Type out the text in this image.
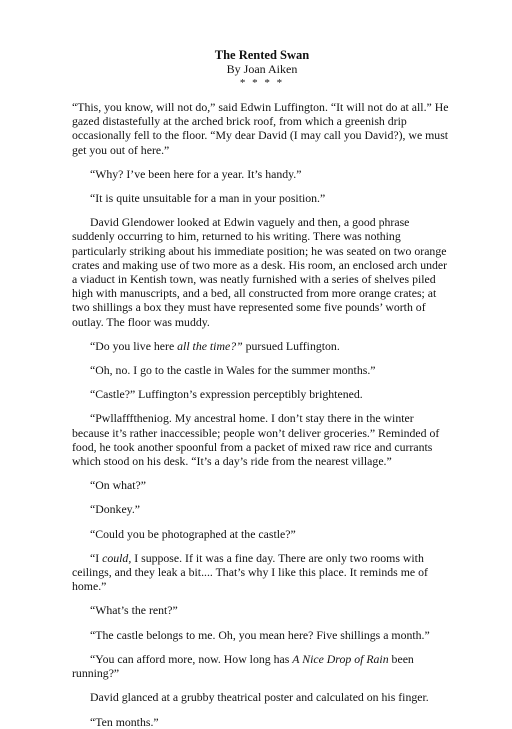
The Rented Swan
By Joan Aiken
* * * *

“This, you know, will not do,” said Edwin Luffington. “It will not do at all.” He gazed distastefully at the arched brick roof, from which a greenish drip occasionally fell to the floor. “My dear David (I may call you David?), we must get you out of here.”

“Why? I’ve been here for a year. It’s handy.”

“It is quite unsuitable for a man in your position.”

David Glendower looked at Edwin vaguely and then, a good phrase suddenly occurring to him, returned to his writing. There was nothing particularly striking about his immediate position; he was seated on two orange crates and making use of two more as a desk. His room, an enclosed arch under a viaduct in Kentish town, was neatly furnished with a series of shelves piled high with manuscripts, and a bed, all constructed from more orange crates; at two shillings a box they must have represented some five pounds’ worth of outlay. The floor was muddy.

“Do you live here all the time?” pursued Luffington.

“Oh, no. I go to the castle in Wales for the summer months.”

“Castle?” Luffington’s expression perceptibly brightened.

“Pwllaffftheniog. My ancestral home. I don’t stay there in the winter because it’s rather inaccessible; people won’t deliver groceries.” Reminded of food, he took another spoonful from a packet of mixed raw rice and currants which stood on his desk. “It’s a day’s ride from the nearest village.”

“On what?”

“Donkey.”

“Could you be photographed at the castle?”

“I could, I suppose. If it was a fine day. There are only two rooms with ceilings, and they leak a bit.... That’s why I like this place. It reminds me of home.”

“What’s the rent?”

“The castle belongs to me. Oh, you mean here? Five shillings a month.”

“You can afford more, now. How long has A Nice Drop of Rain been running?”

David glanced at a grubby theatrical poster and calculated on his finger.

“Ten months.”
